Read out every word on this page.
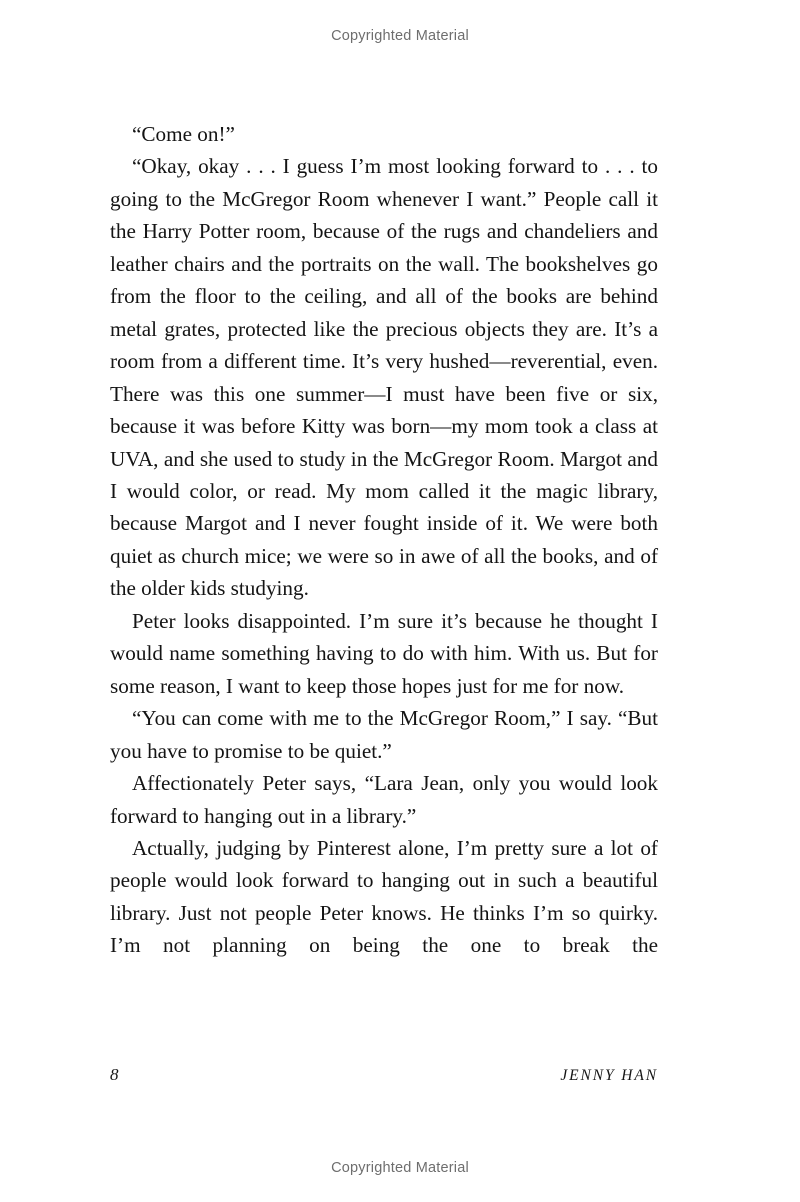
Copyrighted Material

“Come on!”

“Okay, okay . . . I guess I’m most looking forward to . . . to going to the McGregor Room whenever I want.” People call it the Harry Potter room, because of the rugs and chandeliers and leather chairs and the portraits on the wall. The bookshelves go from the floor to the ceiling, and all of the books are behind metal grates, protected like the precious objects they are. It’s a room from a different time. It’s very hushed—reverential, even. There was this one summer—I must have been five or six, because it was before Kitty was born—my mom took a class at UVA, and she used to study in the McGregor Room. Margot and I would color, or read. My mom called it the magic library, because Margot and I never fought inside of it. We were both quiet as church mice; we were so in awe of all the books, and of the older kids studying.

Peter looks disappointed. I’m sure it’s because he thought I would name something having to do with him. With us. But for some reason, I want to keep those hopes just for me for now.

“You can come with me to the McGregor Room,” I say. “But you have to promise to be quiet.”

Affectionately Peter says, “Lara Jean, only you would look forward to hanging out in a library.”

Actually, judging by Pinterest alone, I’m pretty sure a lot of people would look forward to hanging out in such a beautiful library. Just not people Peter knows. He thinks I’m so quirky. I’m not planning on being the one to break the

8	JENNY HAN
Copyrighted Material
